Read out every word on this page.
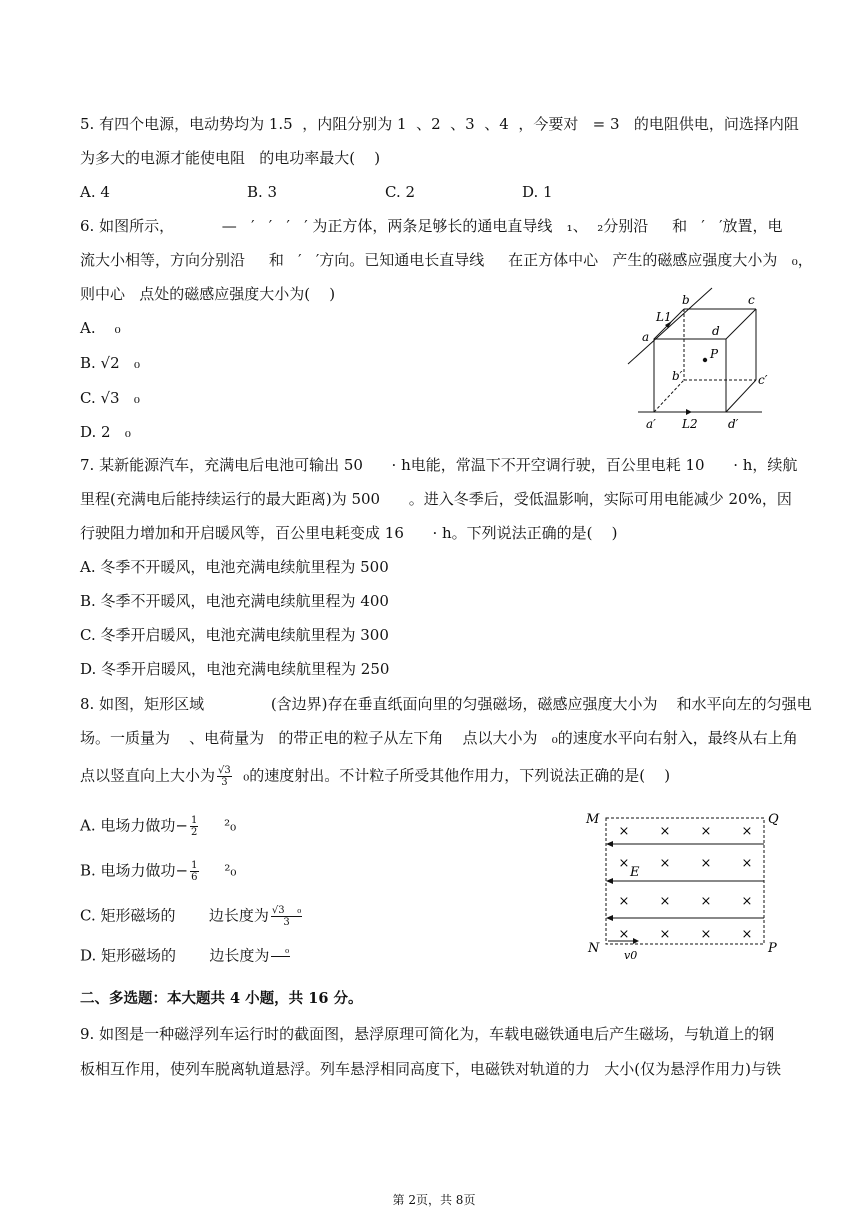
5. 有四个电源，电动势均为 1.5  ，内阻分别为 1  、2  、3  、4  ，今要对   = 3   的电阻供电，问选择内阻
为多大的电源才能使电阻   的电功率最大(    )
A. 4	B. 3	C. 2	D. 1
6. 如图所示，          —   ′   ′   ′   ′ 为正方体，两条足够长的通电直导线   ₁、  ₂分别沿     和   ′   ′放置，电
流大小相等，方向分别沿     和   ′   ′方向。已知通电长直导线     在正方体中心   产生的磁感应强度大小为   ₀，
则中心   点处的磁感应强度大小为(    )
A.    ₀
B. √2   ₀
C. √3   ₀
D. 2   ₀
L1
b	c
a	d
P
b′	c′
a′ L2	d′
7. 某新能源汽车，充满电后电池可输出 50      · h电能，常温下不开空调行驶，百公里电耗 10      · h，续航
里程(充满电后能持续运行的最大距离)为 500      。进入冬季后，受低温影响，实际可用电能减少 20%，因
行驶阻力增加和开启暖风等，百公里电耗变成 16      · h。下列说法正确的是(    )
A. 冬季不开暖风，电池充满电续航里程为 500
B. 冬季不开暖风，电池充满电续航里程为 400
C. 冬季开启暖风，电池充满电续航里程为 300
D. 冬季开启暖风，电池充满电续航里程为 250
8. 如图，矩形区域              (含边界)存在垂直纸面向里的匀强磁场，磁感应强度大小为    和水平向左的匀强电
场。一质量为    、电荷量为   的带正电的粒子从左下角    点以大小为   ₀的速度水平向右射入，最终从右上角
点以竖直向上大小为 $\frac{√3}{3} _0$的速度射出。不计粒子所受其他作用力，下列说法正确的是(    )
A. 电场力做功− $\frac{1}{2} ^2_0$
B. 电场力做功− $\frac{1}{6} ^2_0$
C. 矩形磁场的       边长度为 $\frac{\text{√3    ₀}}{3}$
D. 矩形磁场的       边长度为 ₀

× × × ×
× × × ×
× × × ×
× × × ×
M	Q
E
N	P
v0
二、多选题：本大题共 4 小题，共 16 分。
9. 如图是一种磁浮列车运行时的截面图，悬浮原理可简化为，车载电磁铁通电后产生磁场，与轨道上的钢
板相互作用，使列车脱离轨道悬浮。列车悬浮相同高度下，电磁铁对轨道的力   大小(仅为悬浮作用力)与铁
第 2页，共 8页
